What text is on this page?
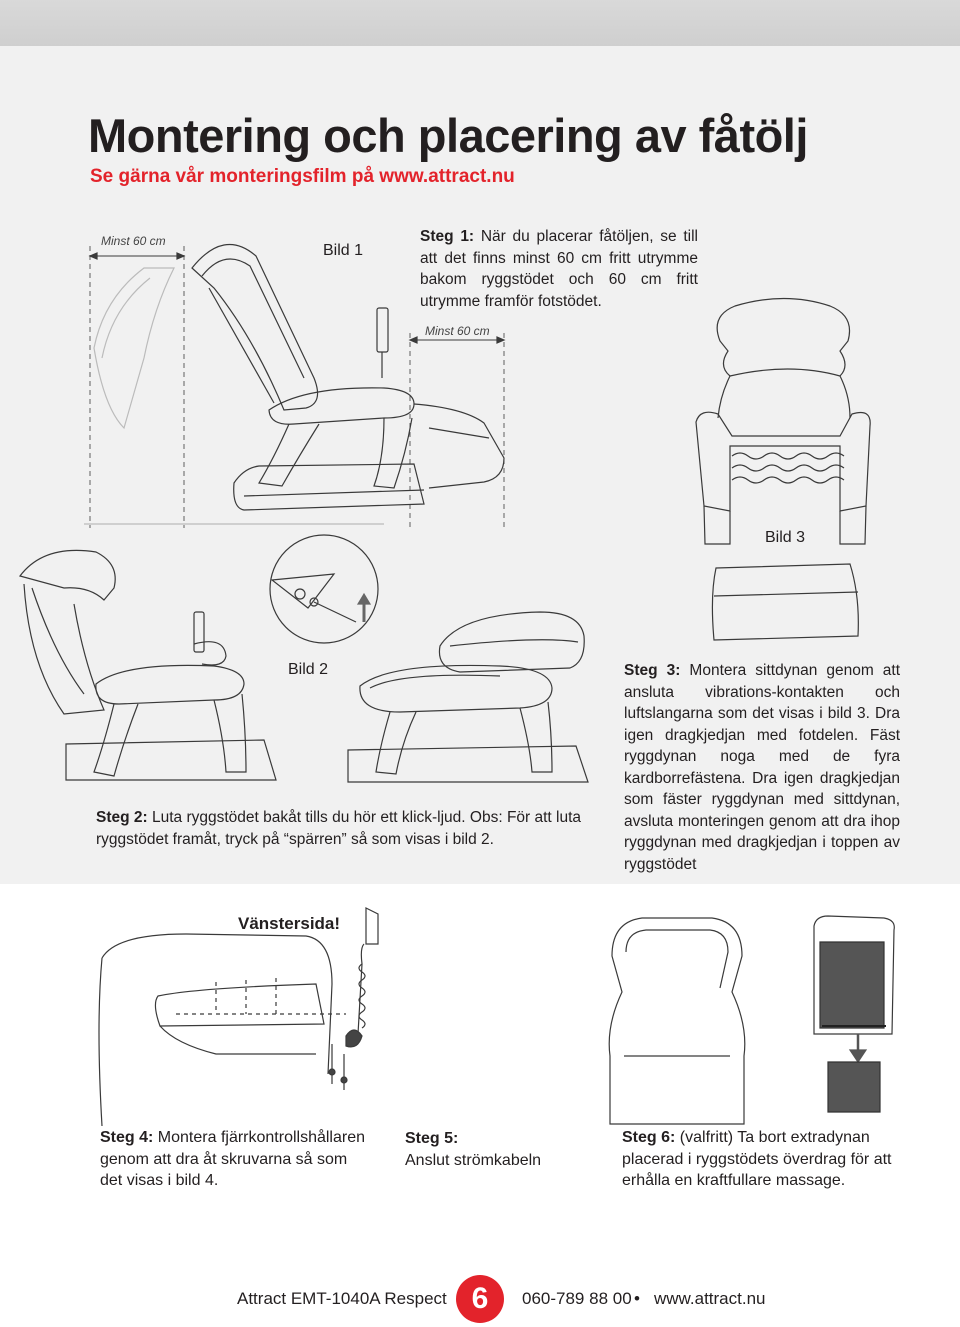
Montering och placering av fåtölj

Se gärna vår monteringsfilm på www.attract.nu

Minst 60 cm
Minst 60 cm
Bild 1
Steg 1: När du placerar fåtöljen, se till att det finns minst 60 cm fritt utrymme bakom ryggstödet och 60 cm fritt utrymme framför fotstödet.
Bild 3
Bild 2
Steg 2: Luta ryggstödet bakåt tills du hör ett klick-ljud. Obs: För att luta ryggstödet framåt, tryck på “spärren” så som visas i bild 2.
Steg 3: Montera sittdynan genom att ansluta vibrations-kontakten och luftslangarna som det visas i bild 3. Dra igen dragkjedjan med fotdelen. Fäst ryggdynan noga med de fyra kardborrefästena. Dra igen dragkjedjan som fäster ryggdynan med sittdynan, avsluta monteringen genom att dra ihop ryggdynan med dragkjedjan i toppen av ryggstödet
Vänstersida!
Steg 4: Montera fjärrkontrollshållaren genom att dra åt skruvarna så som det visas i bild 4.
Steg 5:
Anslut strömkabeln
Steg 6: (valfritt) Ta bort extradynan placerad i ryggstödets överdrag för att erhålla en kraftfullare massage.
Attract EMT-1040A Respect 6	060-789 88 00 • www.attract.nu
